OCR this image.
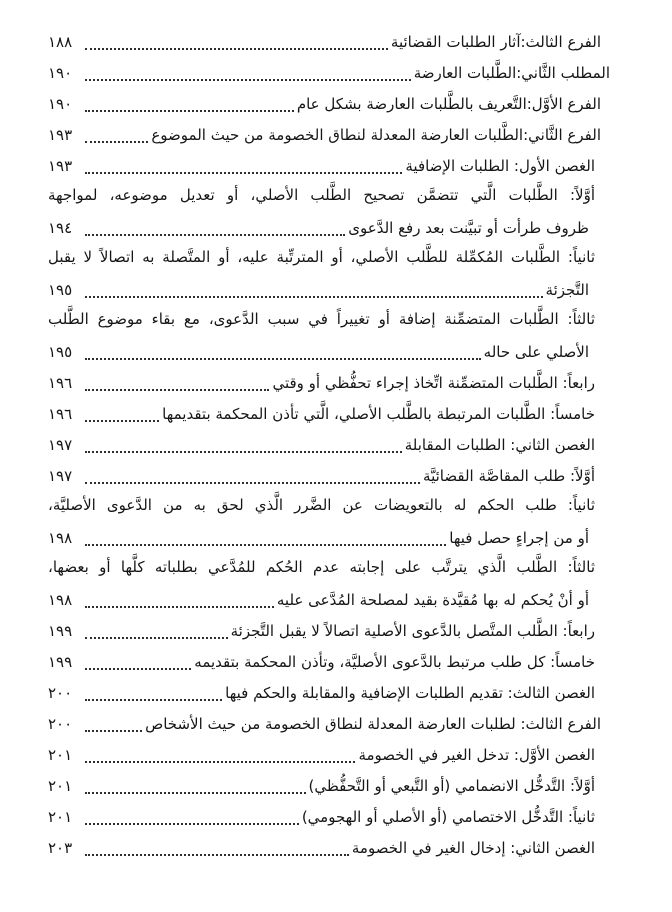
الفرع الثالث:آثار الطلبات القضائية
١٨٨
المطلب الثَّاني:الطَّلبات العارضة
١٩٠
الفرع الأوَّل:التَّعريف بالطَّلبات العارضة بشكل عام
١٩٠
الفرع الثَّاني:الطَّلبات العارضة المعدلة لنطاق الخصومة من حيث الموضوع
١٩٣
الغصن الأول: الطلبات الإضافية
١٩٣
أوَّلاً: الطَّلبات الَّتي تتضمَّن تصحيح الطَّلب الأصلي، أو تعديل موضوعه، لمواجهة
ظروف طرأت أو تبيَّنت بعد رفع الدَّعوى
١٩٤
ثانياً: الطَّلبات المُكمِّلة للطَّلب الأصلي، أو المترتِّبة عليه، أو المتَّصلة به اتصالاً لا يقبل
التَّجزئة
١٩٥
ثالثاً: الطَّلبات المتضمِّنة إضافة أو تغييراً في سبب الدَّعوى، مع بقاء موضوع الطَّلب
الأصلي على حاله
١٩٥
رابعاً: الطَّلبات المتضمِّنة اتِّخاذ إجراء تحفُّظي أو وقتي
١٩٦
خامساً: الطَّلبات المرتبطة بالطَّلب الأصلي، الَّتي تأذن المحكمة بتقديمها
١٩٦
الغصن الثاني: الطلبات المقابلة
١٩٧
أوَّلاً: طلب المقاصَّة القضائيَّة
١٩٧
ثانياً: طلب الحكم له بالتعويضات عن الضَّرر الَّذي لحق به من الدَّعوى الأصليَّة،
أو من إجراءٍ حصل فيها
١٩٨
ثالثاً: الطَّلب الَّذي يترتَّب على إجابته عدم الحُكم للمُدَّعي بطلباته كلَّها أو بعضها،
أو أنْ يُحكم له بها مُقيَّدة بقيد لمصلحة المُدَّعى عليه
١٩٨
رابعاً: الطَّلب المتَّصل بالدَّعوى الأصلية اتصالاً لا يقبل التَّجزئة
١٩٩
خامساً: كل طلب مرتبط بالدَّعوى الأصليَّة، وتأذن المحكمة بتقديمه
١٩٩
الغصن الثالث: تقديم الطلبات الإضافية والمقابلة والحكم فيها
٢٠٠
الفرع الثالث: لطلبات العارضة المعدلة لنطاق الخصومة من حيث الأشخاص
٢٠٠
الغصن الأوَّل: تدخل الغير في الخصومة
٢٠١
أوَّلاً: التَّدخُّل الانضمامي (أو التَّبعي أو التَّحفُّظي)
٢٠١
ثانياً: التَّدخُّل الاختصامي (أو الأصلي أو الهجومي)
٢٠١
الغصن الثاني: إدخال الغير في الخصومة
٢٠٣
